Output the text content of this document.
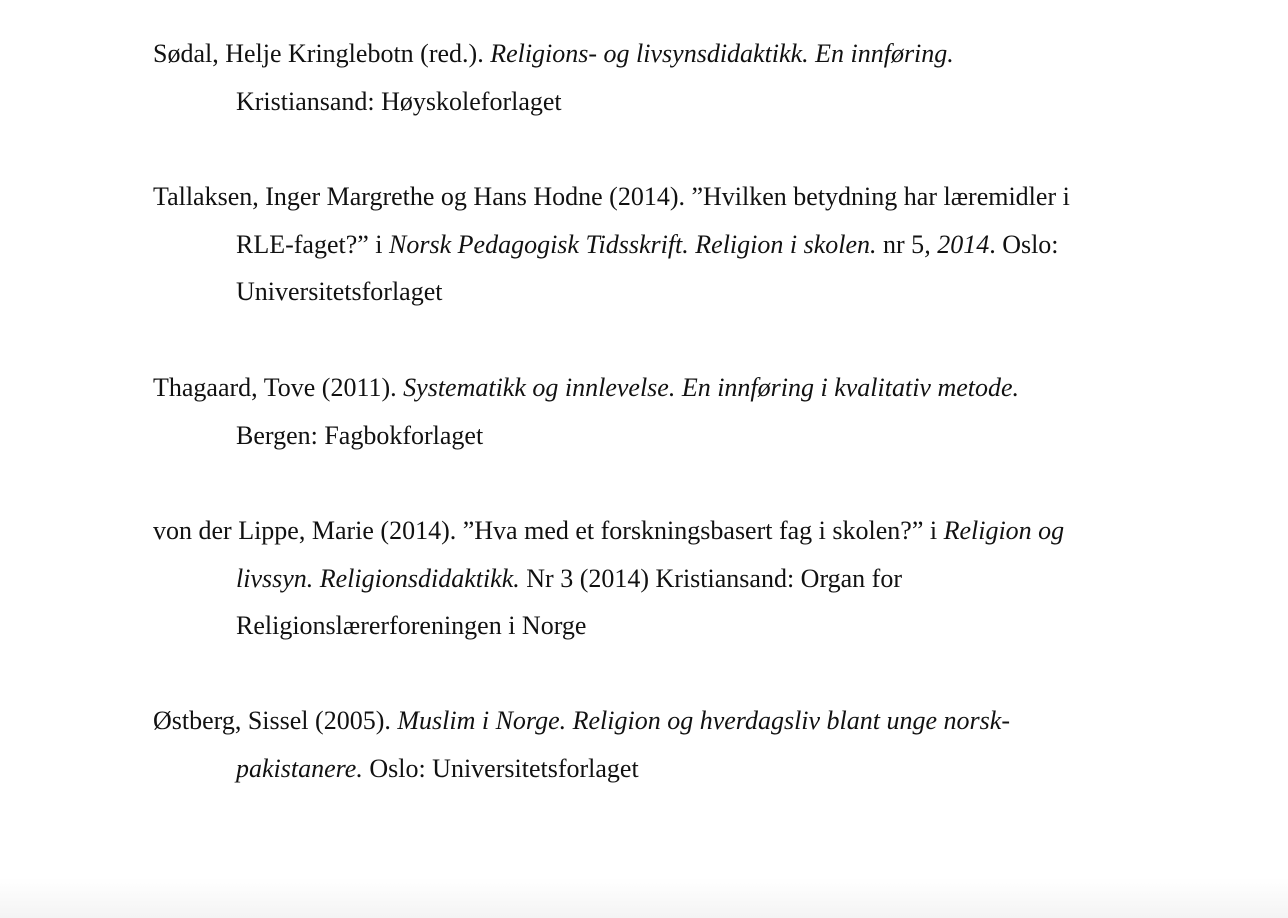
Sødal, Helje Kringlebotn (red.). Religions- og livsynsdidaktikk. En innføring.
Kristiansand: Høyskoleforlaget

Tallaksen, Inger Margrethe og Hans Hodne (2014). ”Hvilken betydning har læremidler i
RLE-faget?” i Norsk Pedagogisk Tidsskrift. Religion i skolen. nr 5, 2014. Oslo:
Universitetsforlaget

Thagaard, Tove (2011). Systematikk og innlevelse. En innføring i kvalitativ metode.
Bergen: Fagbokforlaget

von der Lippe, Marie (2014). ”Hva med et forskningsbasert fag i skolen?” i Religion og
livssyn. Religionsdidaktikk. Nr 3 (2014) Kristiansand: Organ for
Religionslærerforeningen i Norge

Østberg, Sissel (2005). Muslim i Norge. Religion og hverdagsliv blant unge norsk-
pakistanere. Oslo: Universitetsforlaget
